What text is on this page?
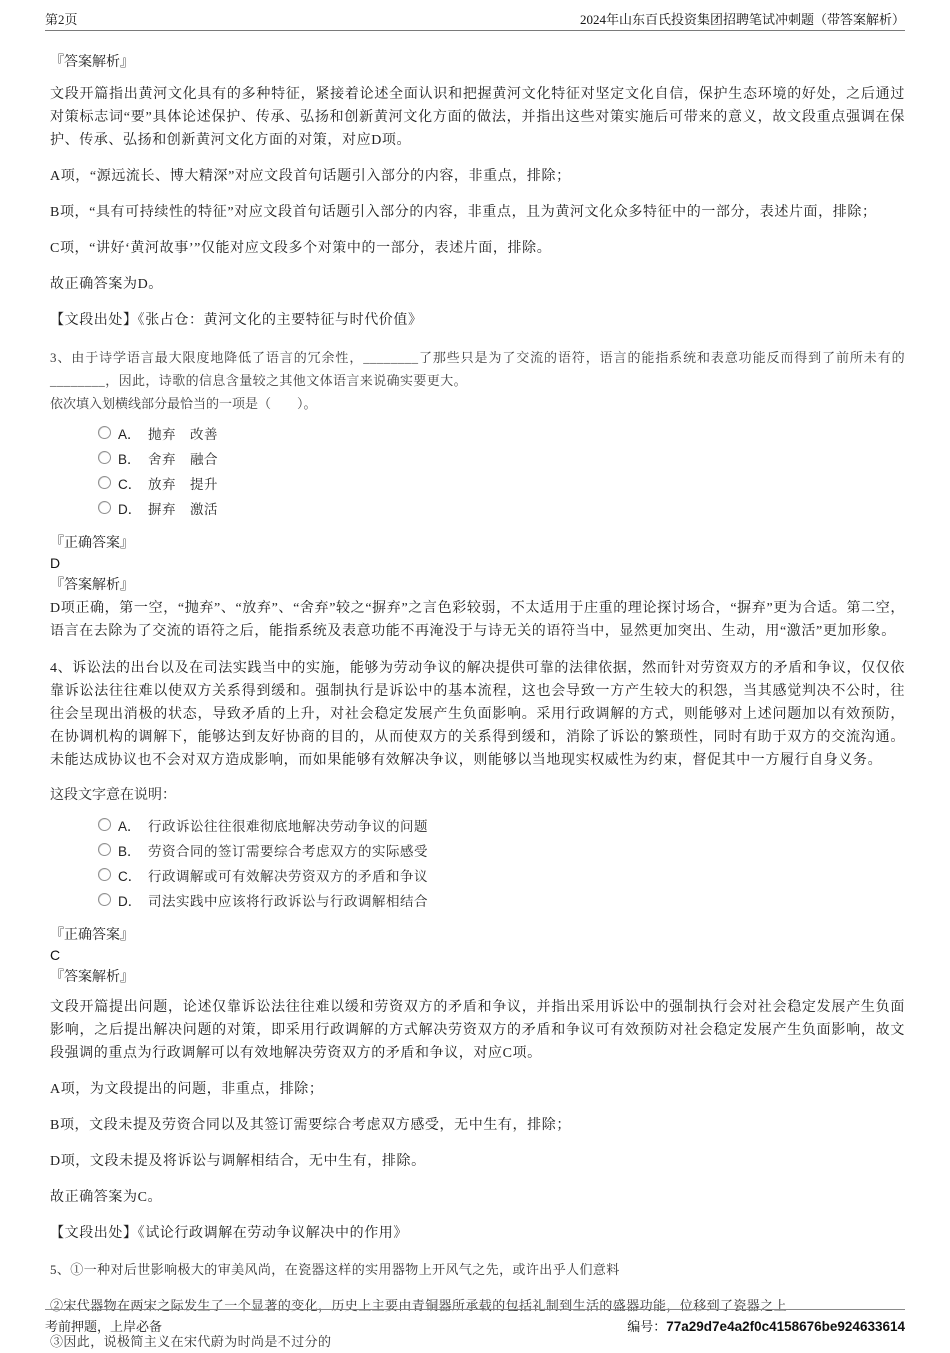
第2页	2024年山东百氏投资集团招聘笔试冲刺题（带答案解析）
『答案解析』

文段开篇指出黄河文化具有的多种特征，紧接着论述全面认识和把握黄河文化特征对坚定文化自信，保护生态环境的好处，之后通过对策标志词“要”具体论述保护、传承、弘扬和创新黄河文化方面的做法，并指出这些对策实施后可带来的意义，故文段重点强调在保护、传承、弘扬和创新黄河文化方面的对策，对应D项。

A项，“源远流长、博大精深”对应文段首句话题引入部分的内容，非重点，排除；

B项，“具有可持续性的特征”对应文段首句话题引入部分的内容，非重点，且为黄河文化众多特征中的一部分，表述片面，排除；

C项，“讲好‘黄河故事’”仅能对应文段多个对策中的一部分，表述片面，排除。

故正确答案为D。

【文段出处】《张占仓：黄河文化的主要特征与时代价值》

3、由于诗学语言最大限度地降低了语言的冗余性，________了那些只是为了交流的语符，语言的能指系统和表意功能反而得到了前所未有的________，因此，诗歌的信息含量较之其他文体语言来说确实要更大。

依次填入划横线部分最恰当的一项是（　　）。

A． 抛弃　改善
B． 舍弃　融合
C． 放弃　提升
D． 摒弃　激活
『正确答案』
D
『答案解析』

D项正确，第一空，“抛弃”、“放弃”、“舍弃”较之“摒弃”之言色彩较弱，不太适用于庄重的理论探讨场合，“摒弃”更为合适。第二空，语言在去除为了交流的语符之后，能指系统及表意功能不再淹没于与诗无关的语符当中，显然更加突出、生动，用“激活”更加形象。

4、诉讼法的出台以及在司法实践当中的实施，能够为劳动争议的解决提供可靠的法律依据，然而针对劳资双方的矛盾和争议，仅仅依靠诉讼法往往难以使双方关系得到缓和。强制执行是诉讼中的基本流程，这也会导致一方产生较大的积怨，当其感觉判决不公时，往往会呈现出消极的状态，导致矛盾的上升，对社会稳定发展产生负面影响。采用行政调解的方式，则能够对上述问题加以有效预防，在协调机构的调解下，能够达到友好协商的目的，从而使双方的关系得到缓和，消除了诉讼的繁琐性，同时有助于双方的交流沟通。未能达成协议也不会对双方造成影响，而如果能够有效解决争议，则能够以当地现实权威性为约束，督促其中一方履行自身义务。

这段文字意在说明：

A． 行政诉讼往往很难彻底地解决劳动争议的问题
B． 劳资合同的签订需要综合考虑双方的实际感受
C． 行政调解或可有效解决劳资双方的矛盾和争议
D． 司法实践中应该将行政诉讼与行政调解相结合
『正确答案』
C
『答案解析』

文段开篇提出问题，论述仅靠诉讼法往往难以缓和劳资双方的矛盾和争议，并指出采用诉讼中的强制执行会对社会稳定发展产生负面影响，之后提出解决问题的对策，即采用行政调解的方式解决劳资双方的矛盾和争议可有效预防对社会稳定发展产生负面影响，故文段强调的重点为行政调解可以有效地解决劳资双方的矛盾和争议，对应C项。

A项，为文段提出的问题，非重点，排除；

B项，文段未提及劳资合同以及其签订需要综合考虑双方感受，无中生有，排除；

D项，文段未提及将诉讼与调解相结合，无中生有，排除。

故正确答案为C。

【文段出处】《试论行政调解在劳动争议解决中的作用》

5、①一种对后世影响极大的审美风尚，在瓷器这样的实用器物上开风气之先，或许出乎人们意料

②宋代器物在两宋之际发生了一个显著的变化，历史上主要由青铜器所承载的包括礼制到生活的盛器功能，位移到了瓷器之上

③因此，说极简主义在宋代蔚为时尚是不过分的

考前押题，上岸必备	编号：77a29d7e4a2f0c4158676be924633614
